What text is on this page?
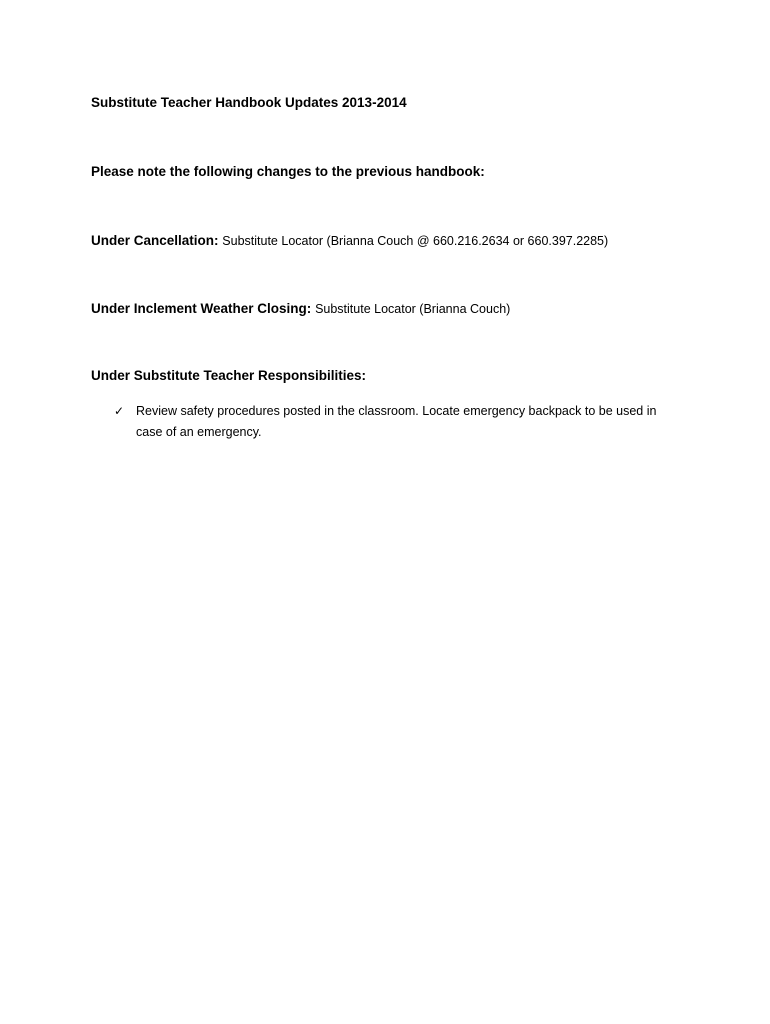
Substitute Teacher Handbook Updates 2013-2014
Please note the following changes to the previous handbook:
Under Cancellation: Substitute Locator (Brianna Couch @ 660.216.2634 or 660.397.2285)
Under Inclement Weather Closing: Substitute Locator (Brianna Couch)
Under Substitute Teacher Responsibilities:
✓ Review safety procedures posted in the classroom. Locate emergency backpack to be used in case of an emergency.
